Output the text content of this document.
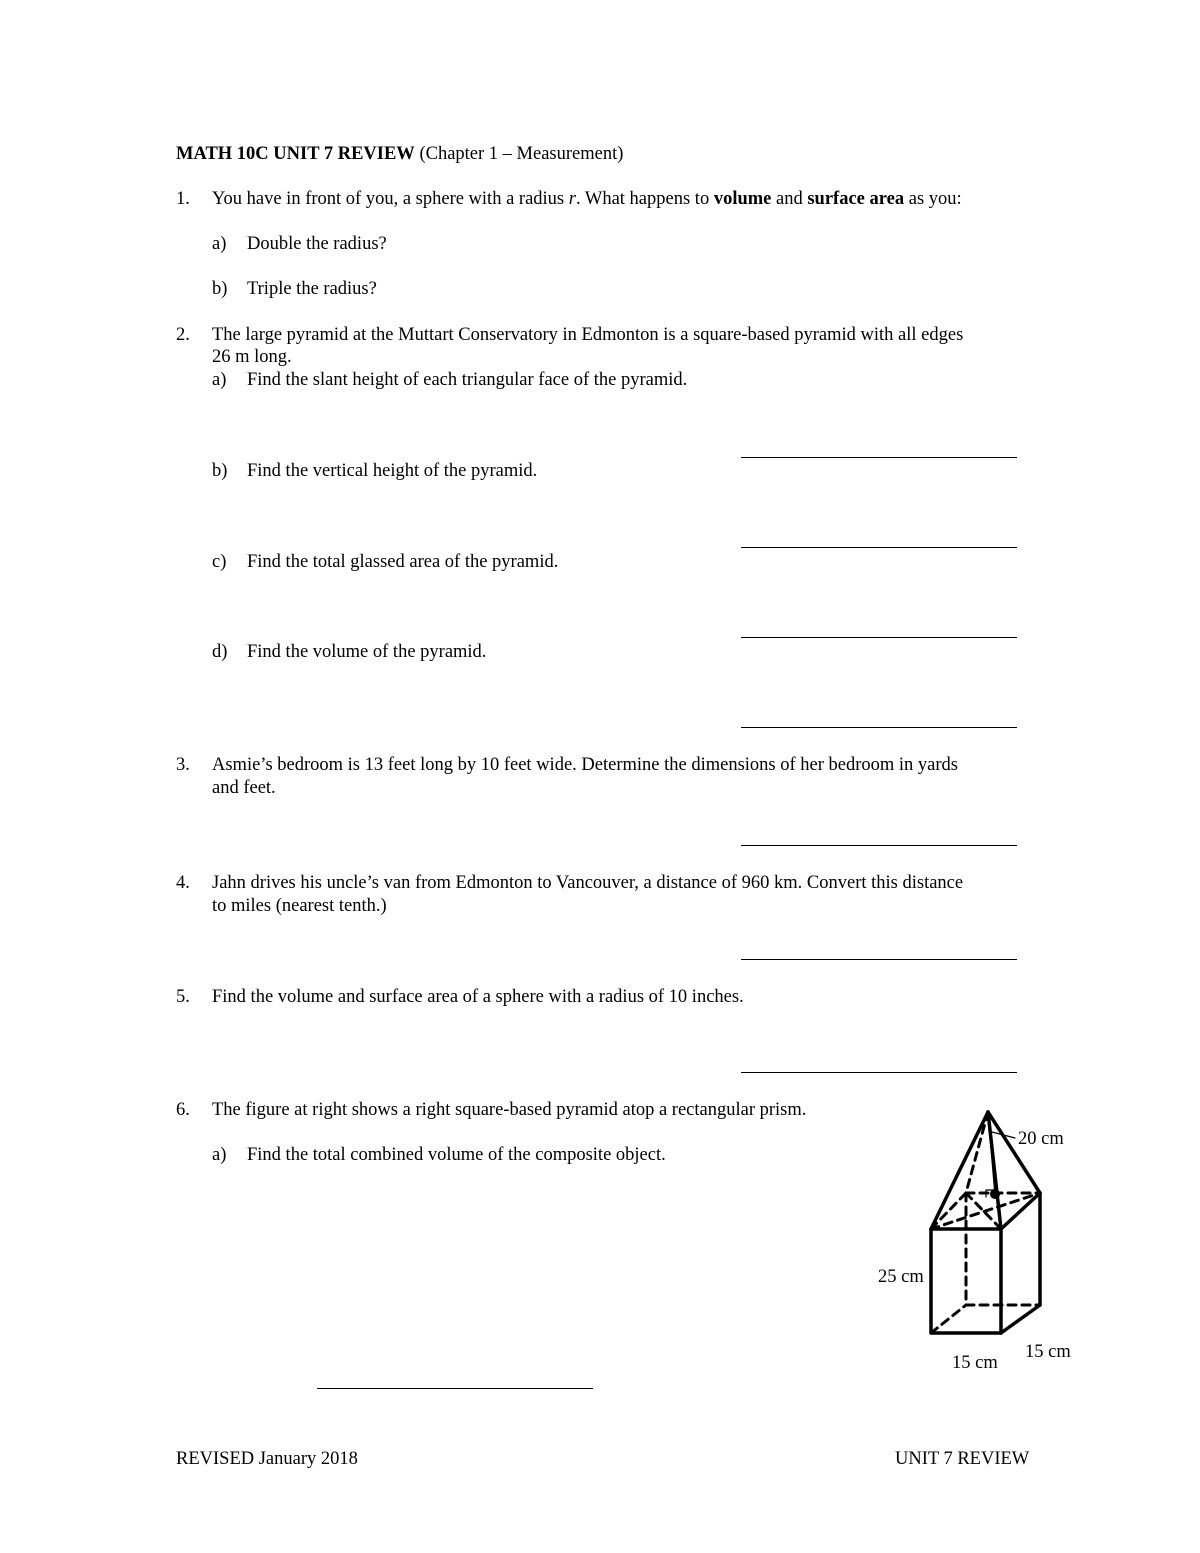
MATH 10C UNIT 7 REVIEW (Chapter 1 – Measurement)
1. You have in front of you, a sphere with a radius r. What happens to volume and surface area as you:
a) Double the radius?
b) Triple the radius?
2. The large pyramid at the Muttart Conservatory in Edmonton is a square-based pyramid with all edges
26 m long.
a) Find the slant height of each triangular face of the pyramid.
b) Find the vertical height of the pyramid.
c) Find the total glassed area of the pyramid.
d) Find the volume of the pyramid.
3. Asmie’s bedroom is 13 feet long by 10 feet wide. Determine the dimensions of her bedroom in yards
and feet.
4. Jahn drives his uncle’s van from Edmonton to Vancouver, a distance of 960 km. Convert this distance
to miles (nearest tenth.)
5. Find the volume and surface area of a sphere with a radius of 10 inches.
6. The figure at right shows a right square-based pyramid atop a rectangular prism.
a) Find the total combined volume of the composite object.
20 cm
25 cm
15 cm
15 cm
REVISED January 2018	UNIT 7 REVIEW
